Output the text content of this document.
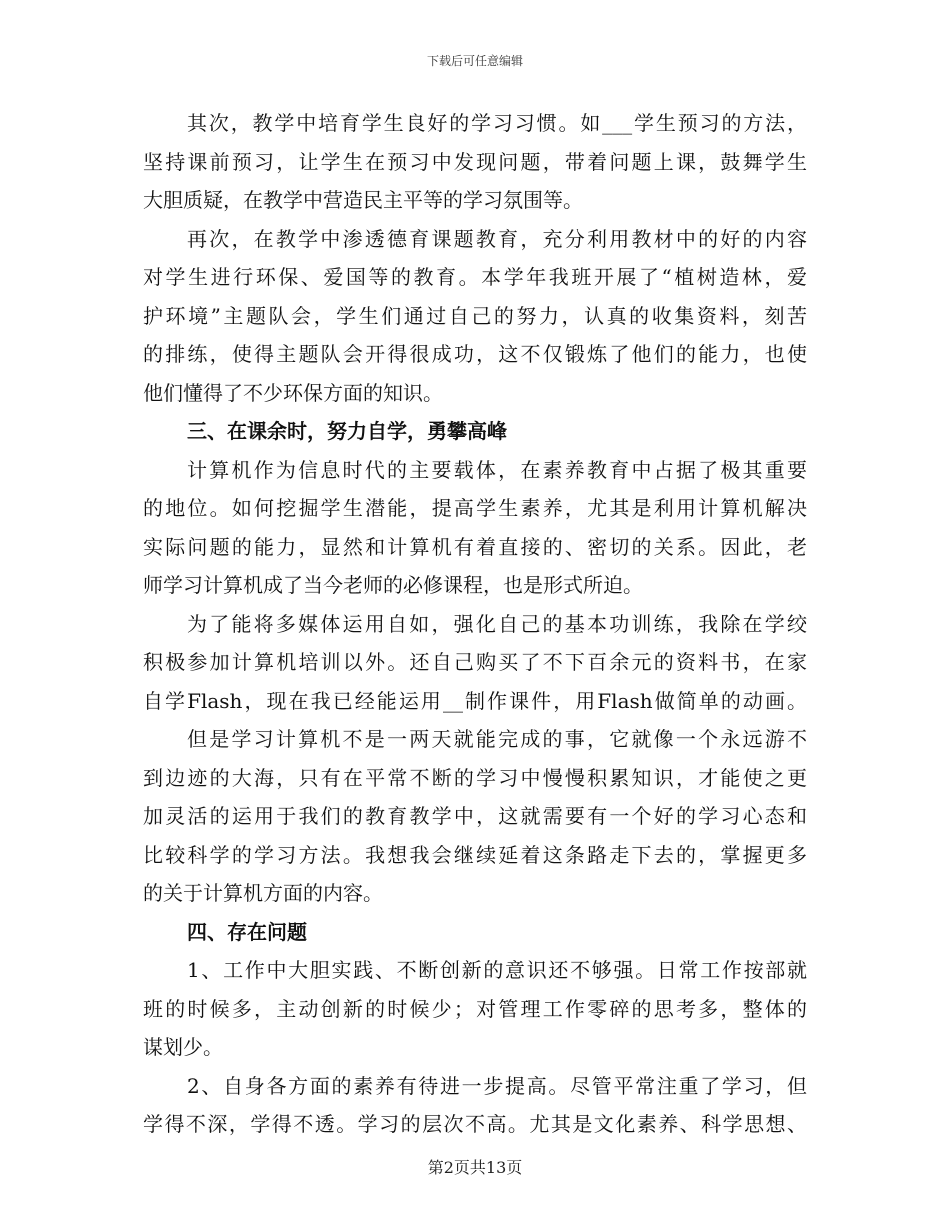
下载后可任意编辑
其次，教学中培育学生良好的学习习惯。如___学生预习的方法，
坚持课前预习，让学生在预习中发现问题，带着问题上课，鼓舞学生
大胆质疑，在教学中营造民主平等的学习氛围等。
再次，在教学中渗透德育课题教育，充分利用教材中的好的内容
对学生进行环保、爱国等的教育。本学年我班开展了“植树造林，爱
护环境”主题队会，学生们通过自己的努力，认真的收集资料，刻苦
的排练，使得主题队会开得很成功，这不仅锻炼了他们的能力，也使
他们懂得了不少环保方面的知识。
三、在课余时，努力自学，勇攀高峰
计算机作为信息时代的主要载体，在素养教育中占据了极其重要
的地位。如何挖掘学生潜能，提高学生素养，尤其是利用计算机解决
实际问题的能力，显然和计算机有着直接的、密切的关系。因此，老
师学习计算机成了当今老师的必修课程，也是形式所迫。
为了能将多媒体运用自如，强化自己的基本功训练，我除在学绞
积极参加计算机培训以外。还自己购买了不下百余元的资料书，在家
自学Flash，现在我已经能运用__制作课件，用Flash做简单的动画。
但是学习计算机不是一两天就能完成的事，它就像一个永远游不
到边迹的大海，只有在平常不断的学习中慢慢积累知识，才能使之更
加灵活的运用于我们的教育教学中，这就需要有一个好的学习心态和
比较科学的学习方法。我想我会继续延着这条路走下去的，掌握更多
的关于计算机方面的内容。
四、存在问题
1、工作中大胆实践、不断创新的意识还不够强。日常工作按部就
班的时候多，主动创新的时候少；对管理工作零碎的思考多，整体的
谋划少。
2、自身各方面的素养有待进一步提高。尽管平常注重了学习，但
学得不深，学得不透。学习的层次不高。尤其是文化素养、科学思想、
第2页共13页
